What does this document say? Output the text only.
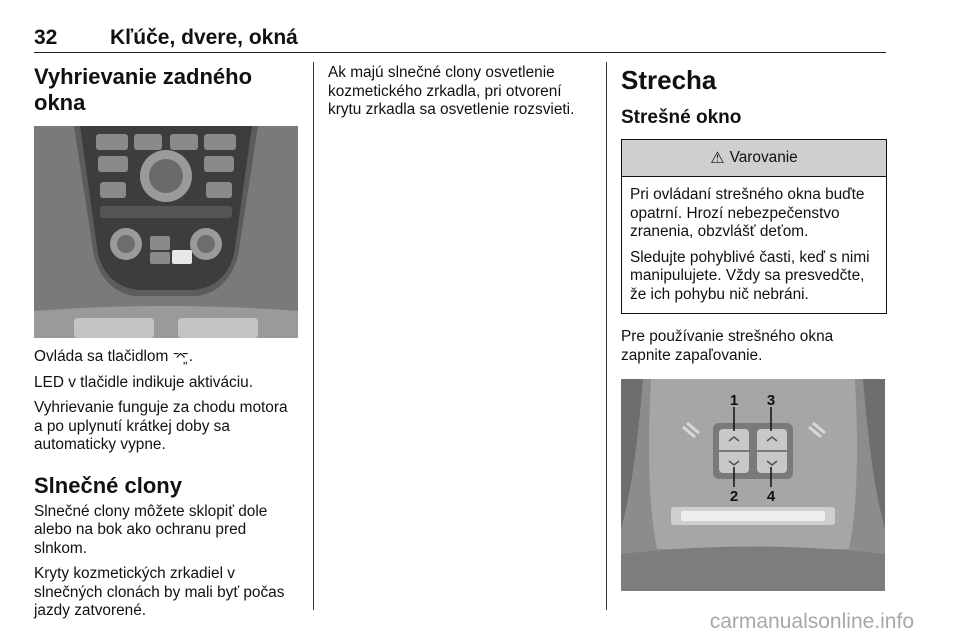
32	Kľúče, dvere, okná
Vyhrievanie zadného okna

Ovláda sa tlačidlom ⌤͈.

LED v tlačidle indikuje aktiváciu.

Vyhrievanie funguje za chodu motora a po uplynutí krátkej doby sa automaticky vypne.

Slnečné clony

Slnečné clony môžete sklopiť dole alebo na bok ako ochranu pred slnkom.

Kryty kozmetických zrkadiel v slnečných clonách by mali byť počas jazdy zatvorené.

Ak majú slnečné clony osvetlenie kozmetického zrkadla, pri otvorení krytu zrkadla sa osvetlenie rozsvieti.

Strecha
Strešné okno
⚠ Varovanie

Pri ovládaní strešného okna buďte opatrní. Hrozí nebezpečenstvo zranenia, obzvlášť deťom.

Sledujte pohyblivé časti, keď s nimi manipulujete. Vždy sa presvedčte, že ich pohybu nič nebráni.

Pre používanie strešného okna zapnite zapaľovanie.

1 3
2 4
carmanualsonline.info
